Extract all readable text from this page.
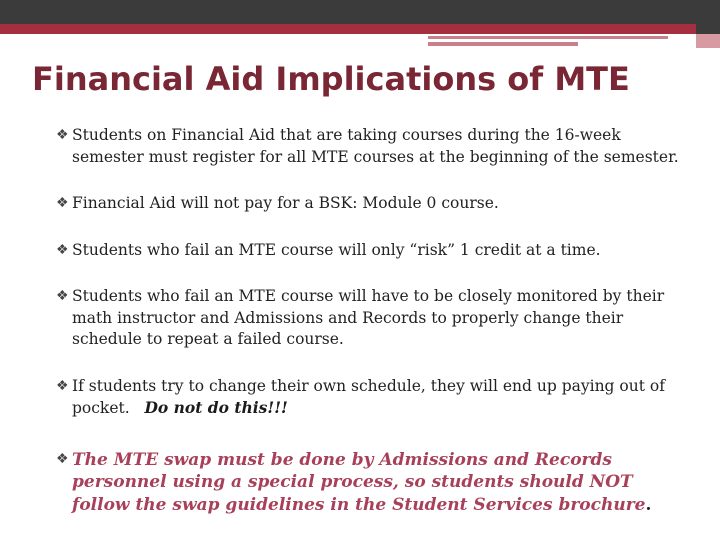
Financial Aid Implications of MTE
❖ Students on Financial Aid that are taking courses during the 16-week semester must register for all MTE courses at the beginning of the semester.
❖ Financial Aid will not pay for a BSK: Module 0 course.
❖ Students who fail an MTE course will only “risk” 1 credit at a time.
❖ Students who fail an MTE course will have to be closely monitored by their math instructor and Admissions and Records to properly change their schedule to repeat a failed course.
❖ If students try to change their own schedule, they will end up paying out of pocket. Do not do this!!!
❖ The MTE swap must be done by Admissions and Records personnel using a special process, so students should NOT follow the swap guidelines in the Student Services brochure.
